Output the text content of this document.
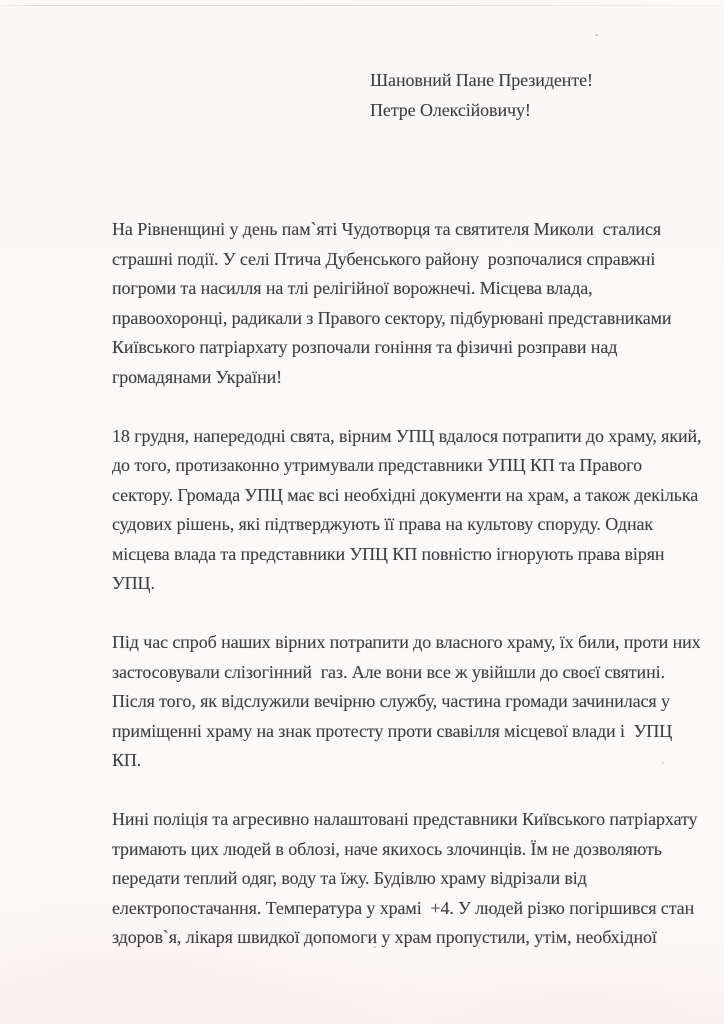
Шановний Пане Президенте!
Петре Олексійовичу!
На Рівненщині у день пам`яті Чудотворця та святителя Миколи  сталися
страшні події. У селі Птича Дубенського району  розпочалися справжні
погроми та насилля на тлі релігійної ворожнечі. Місцева влада,
правоохоронці, радикали з Правого сектору, підбурювані представниками
Київського патріархату розпочали гоніння та фізичні розправи над
громадянами України!
18 грудня, напередодні свята, вірним УПЦ вдалося потрапити до храму, який,
до того, протизаконно утримували представники УПЦ КП та Правого
сектору. Громада УПЦ має всі необхідні документи на храм, а також декілька
судових рішень, які підтверджують її права на культову споруду. Однак
місцева влада та представники УПЦ КП повністю ігнорують права вірян
УПЦ.
Під час спроб наших вірних потрапити до власного храму, їх били, проти них
застосовували слізогінний  газ. Але вони все ж увійшли до своєї святині.
Після того, як відслужили вечірню службу, частина громади зачинилася у
приміщенні храму на знак протесту проти свавілля місцевої влади і  УПЦ
КП.
Нині поліція та агресивно налаштовані представники Київського патріархату
тримають цих людей в облозі, наче якихось злочинців. Їм не дозволяють
передати теплий одяг, воду та їжу. Будівлю храму відрізали від
електропостачання. Температура у храмі  +4. У людей різко погіршився стан
здоров`я, лікаря швидкої допомоги у храм пропустили, утім, необхідної
